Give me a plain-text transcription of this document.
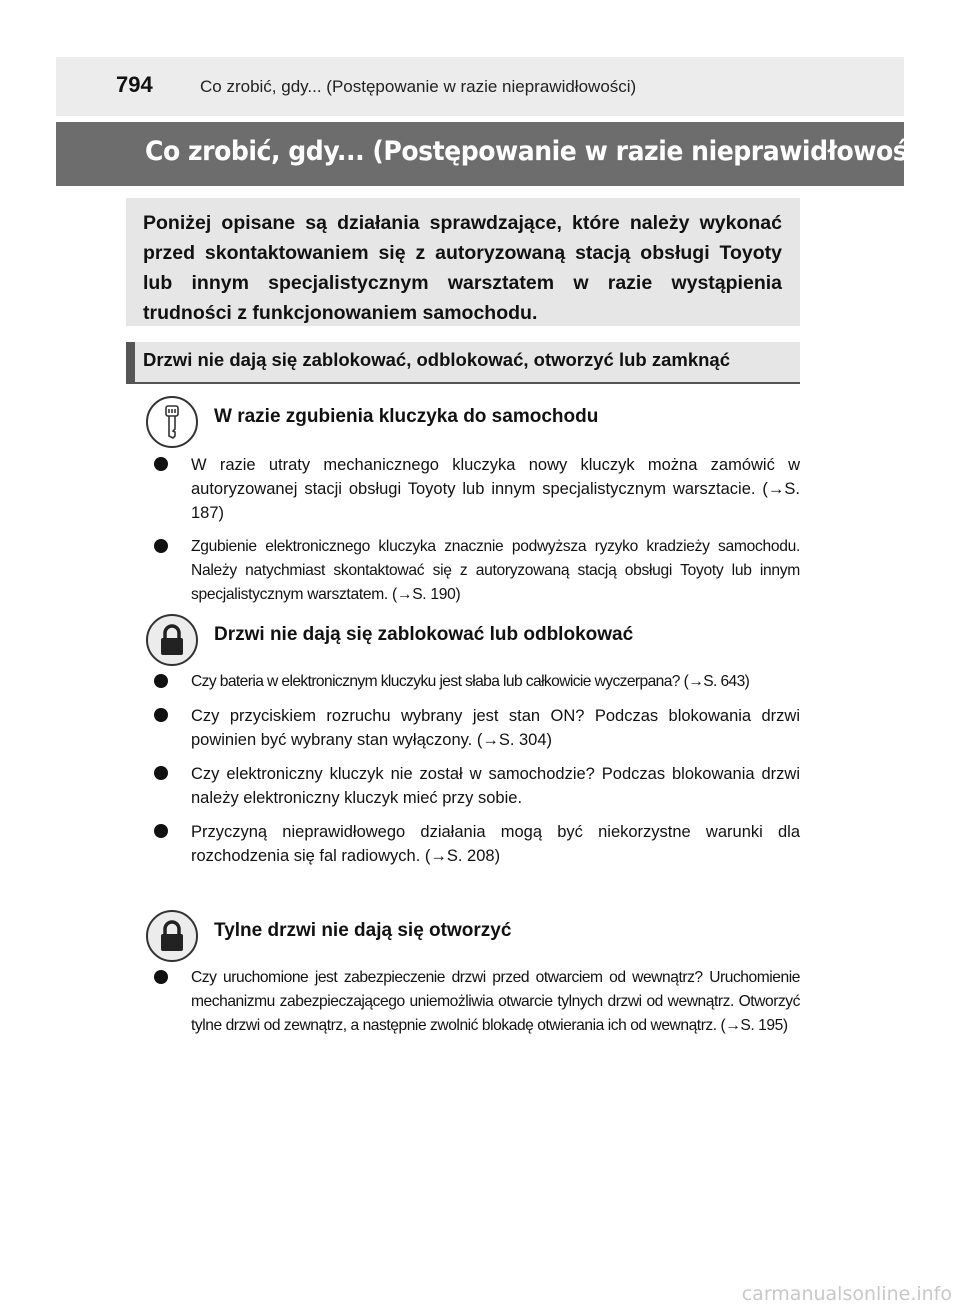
794	Co zrobić, gdy... (Postępowanie w razie nieprawidłowości)
Co zrobić, gdy... (Postępowanie w razie nieprawidłowości)

Poniżej opisane są działania sprawdzające, które należy wykonać przed skontaktowaniem się z autoryzowaną stacją obsługi Toyoty lub innym specjalistycznym warsztatem w razie wystąpienia trudności z funkcjonowaniem samochodu.

Drzwi nie dają się zablokować, odblokować, otworzyć lub zamknąć
W razie zgubienia kluczyka do samochodu

W razie utraty mechanicznego kluczyka nowy kluczyk można zamówić w autoryzowanej stacji obsługi Toyoty lub innym specjalistycznym warsztacie. (→S. 187)

Zgubienie elektronicznego kluczyka znacznie podwyższa ryzyko kradzieży samochodu. Należy natychmiast skontaktować się z autoryzowaną stacją obsługi Toyoty lub innym specjalistycznym warsztatem. (→S. 190)

Drzwi nie dają się zablokować lub odblokować

Czy bateria w elektronicznym kluczyku jest słaba lub całkowicie wyczerpana? (→S. 643)

Czy przyciskiem rozruchu wybrany jest stan ON? Podczas blokowania drzwi powinien być wybrany stan wyłączony. (→S. 304)

Czy elektroniczny kluczyk nie został w samochodzie? Podczas blokowania drzwi należy elektroniczny kluczyk mieć przy sobie.

Przyczyną nieprawidłowego działania mogą być niekorzystne warunki dla rozchodzenia się fal radiowych. (→S. 208)

Tylne drzwi nie dają się otworzyć

Czy uruchomione jest zabezpieczenie drzwi przed otwarciem od wewnątrz? Uruchomienie mechanizmu zabezpieczającego uniemożliwia otwarcie tylnych drzwi od wewnątrz. Otworzyć tylne drzwi od zewnątrz, a następnie zwolnić blokadę otwierania ich od wewnątrz. (→S. 195)

carmanualsonline.info
